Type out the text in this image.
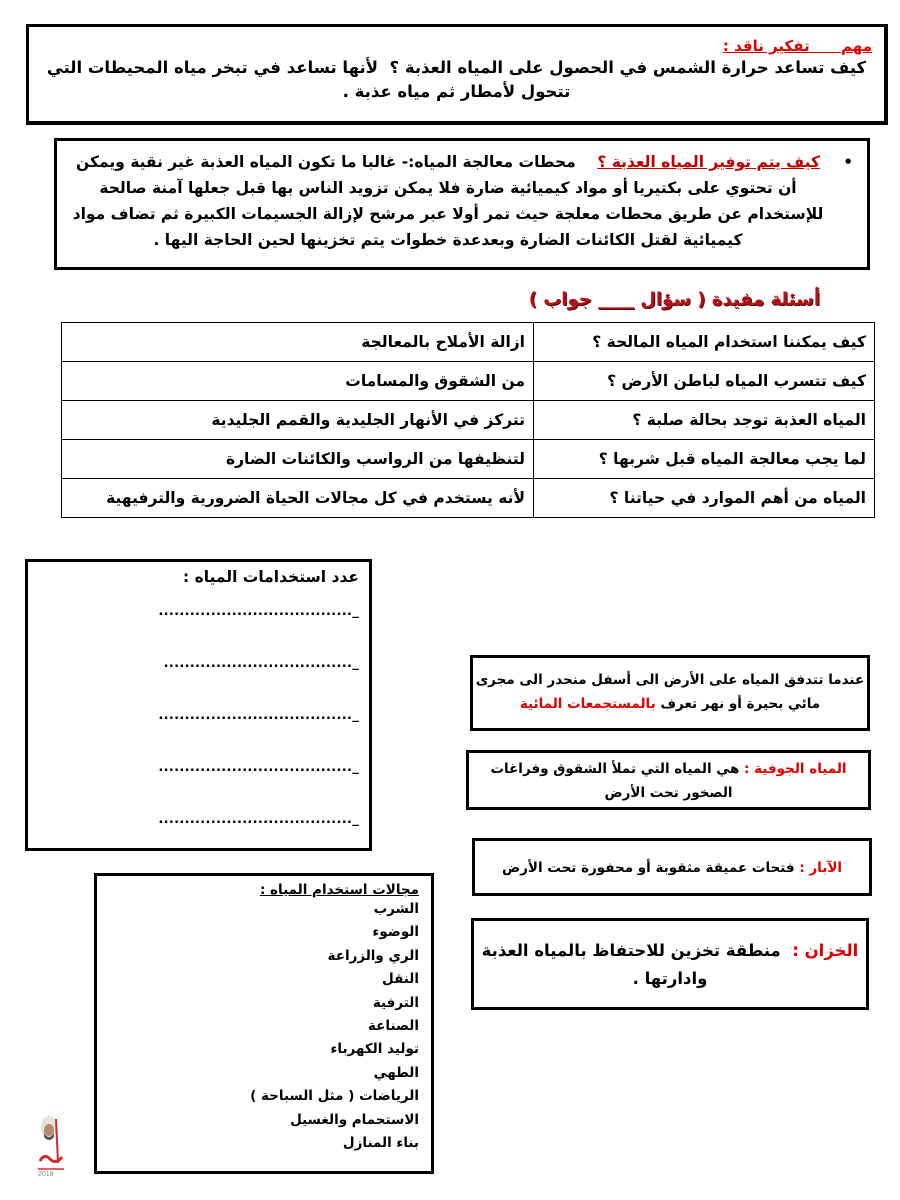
مهم      تفكير ناقد :
كيف تساعد حرارة الشمس في الحصول على المياه العذبة ؟  لأنها تساعد في تبخر مياه المحيطات التي تتحول لأمطار ثم مياه عذبة .
•
كيف يتم توفير المياه العذبة ؟    محطات معالجة المياه:- غالبا ما تكون المياه العذبة غير نقية ويمكن أن تحتوي على بكتيريا أو مواد كيميائية ضارة فلا يمكن تزويد الناس بها قبل جعلها آمنة صالحة للإستخدام عن طريق محطات معلجة حيث تمر أولا عبر مرشح لإزالة الجسيمات الكبيرة ثم تضاف مواد كيميائية لقتل الكائنات الضارة وبعدعدة خطوات يتم تخزينها لحين الحاجة اليها .
أسئلة مفيدة ( سؤال ____ جواب )
كيف يمكننا استخدام المياه المالحة ؟	ازالة الأملاح بالمعالجة
كيف تتسرب المياه لباطن الأرض ؟	من الشقوق والمسامات
المياه العذبة توجد بحالة صلبة ؟	تتركز في الأنهار الجليدية والقمم الجليدية
لما يجب معالجة المياه قبل شربها ؟	لتنظيفها من الرواسب والكائنات الضارة
المياه من أهم الموارد في حياتنا ؟	لأنه يستخدم في كل مجالات الحياة الضرورية والترفيهية
عدد استخدامات المياه :
_.....................................
_....................................
_.....................................
_.....................................
_.....................................
عندما تتدفق المياه على الأرض الى أسفل منحدر الى مجرى مائي بحيرة أو نهر تعرف بالمستجمعات المائية
المياه الجوفية : هي المياه التي تملأ الشقوق وفراغات الصخور تحت الأرض
الآبار : فتحات عميقة مثقوبة أو محفورة تحت الأرض
الخزان :  منطقة تخزين للاحتفاظ بالمياه العذبة وادارتها .
مجالات استخدام المياه :
الشرب
الوضوء
الري والزراعة
النقل
الترفية
الصناعة
توليد الكهرباء
الطهي
الرياضات ( مثل السباحة )
الاستحمام والغسيل
بناء المنازل
2018
